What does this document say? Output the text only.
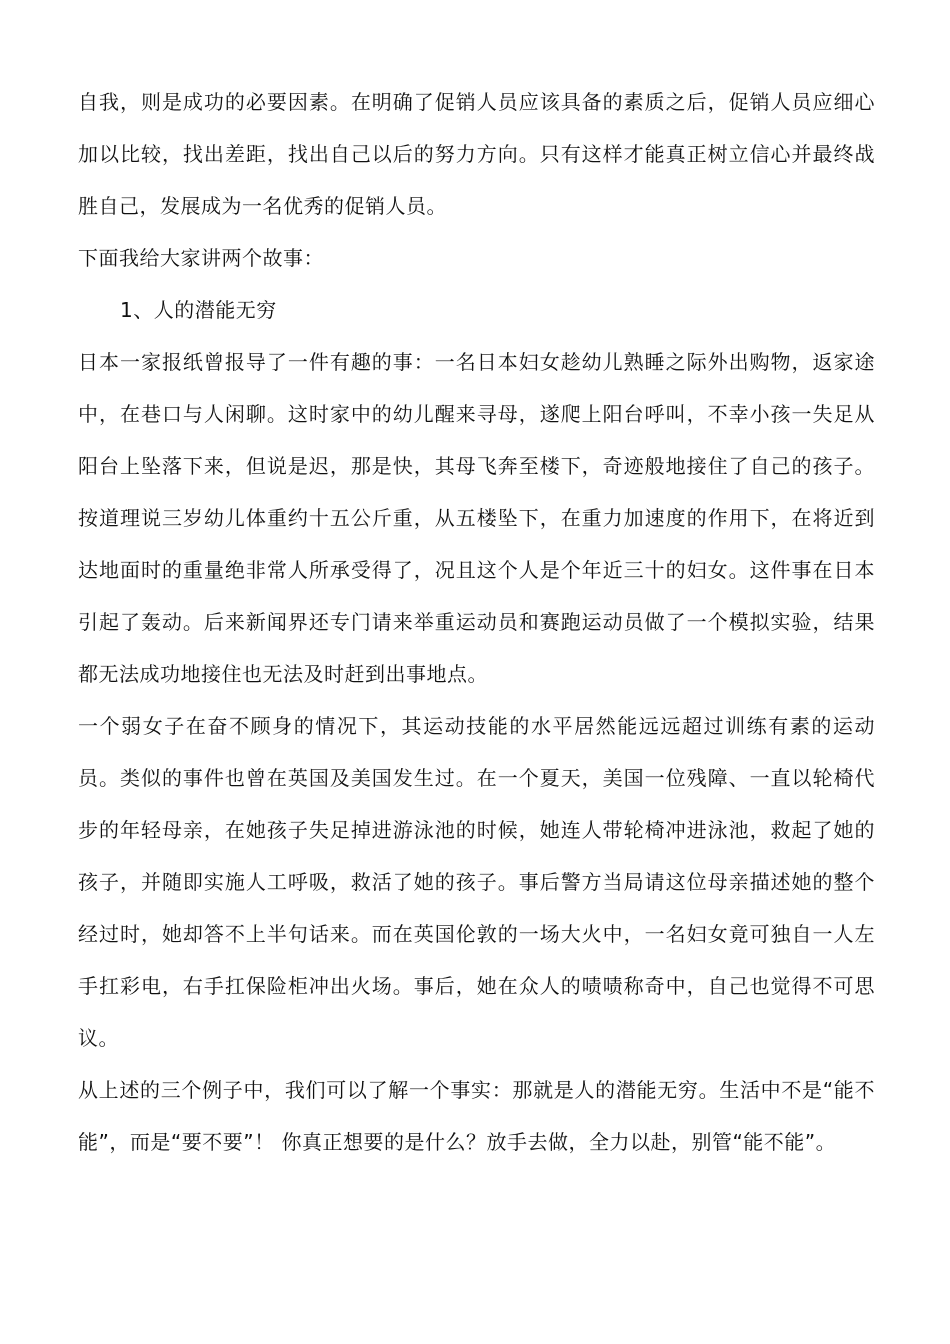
自我，则是成功的必要因素。在明确了促销人员应该具备的素质之后，促销人员应细心加以比较，找出差距，找出自己以后的努力方向。只有这样才能真正树立信心并最终战胜自己，发展成为一名优秀的促销人员。

下面我给大家讲两个故事：

1、人的潜能无穷

日本一家报纸曾报导了一件有趣的事：一名日本妇女趁幼儿熟睡之际外出购物，返家途中，在巷口与人闲聊。这时家中的幼儿醒来寻母，遂爬上阳台呼叫，不幸小孩一失足从阳台上坠落下来，但说是迟，那是快，其母飞奔至楼下，奇迹般地接住了自己的孩子。按道理说三岁幼儿体重约十五公斤重，从五楼坠下，在重力加速度的作用下，在将近到达地面时的重量绝非常人所承受得了，况且这个人是个年近三十的妇女。这件事在日本引起了轰动。后来新闻界还专门请来举重运动员和赛跑运动员做了一个模拟实验，结果都无法成功地接住也无法及时赶到出事地点。

一个弱女子在奋不顾身的情况下，其运动技能的水平居然能远远超过训练有素的运动员。类似的事件也曾在英国及美国发生过。在一个夏天，美国一位残障、一直以轮椅代步的年轻母亲，在她孩子失足掉进游泳池的时候，她连人带轮椅冲进泳池，救起了她的孩子，并随即实施人工呼吸，救活了她的孩子。事后警方当局请这位母亲描述她的整个经过时，她却答不上半句话来。而在英国伦敦的一场大火中，一名妇女竟可独自一人左手扛彩电，右手扛保险柜冲出火场。事后，她在众人的啧啧称奇中，自己也觉得不可思议。

从上述的三个例子中，我们可以了解一个事实：那就是人的潜能无穷。生活中不是“能不能”，而是“要不要”！ 你真正想要的是什么？放手去做，全力以赴，别管“能不能”。
